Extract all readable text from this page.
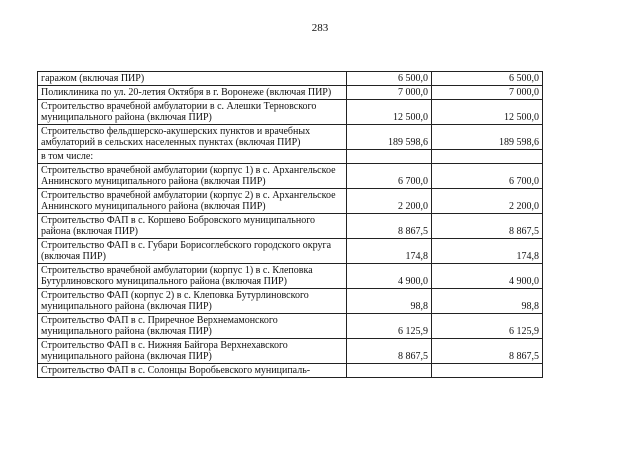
283
гаражом (включая ПИР)	6 500,0	6 500,0
Поликлиника по ул. 20-летия Октября в г. Воронеже (включая ПИР)	7 000,0	7 000,0
Строительство врачебной амбулатории в с. Алешки Терновского муниципального района (включая ПИР)	12 500,0	12 500,0
Строительство фельдшерско-акушерских пунктов и врачебных амбулаторий в сельских населенных пунктах (включая ПИР)	189 598,6	189 598,6
в том числе:		
Строительство врачебной амбулатории (корпус 1) в с. Архангельское Аннинского муниципального района (включая ПИР)	6 700,0	6 700,0
Строительство врачебной амбулатории (корпус 2) в с. Архангельское Аннинского муниципального района (включая ПИР)	2 200,0	2 200,0
Строительство ФАП в с. Коршево Бобровского муниципального района (включая ПИР)	8 867,5	8 867,5
Строительство ФАП в с. Губари Борисоглебского городского округа (включая ПИР)	174,8	174,8
Строительство врачебной амбулатории (корпус 1) в с. Клеповка Бутурлиновского муниципального района (включая ПИР)	4 900,0	4 900,0
Строительство ФАП (корпус 2) в с. Клеповка Бутурлиновского муниципального района (включая ПИР)	98,8	98,8
Строительство ФАП в с. Приречное Верхнемамонского муниципального района (включая ПИР)	6 125,9	6 125,9
Строительство ФАП в с. Нижняя Байгора Верхнехавского муниципального района (включая ПИР)	8 867,5	8 867,5
Строительство ФАП в с. Солонцы Воробьевского муниципаль-		
